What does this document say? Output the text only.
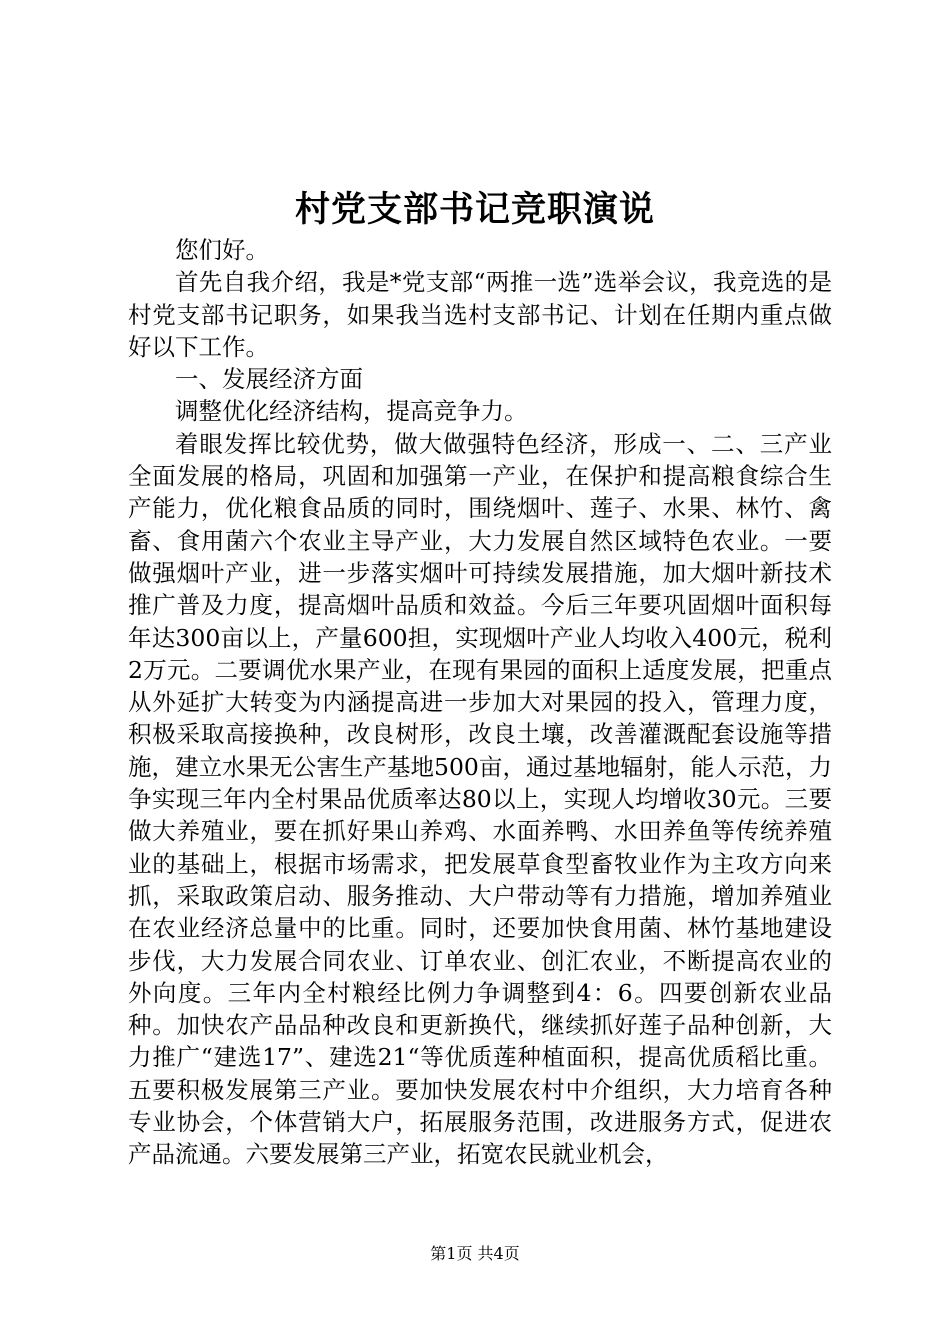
村党支部书记竞职演说

您们好。

首先自我介绍，我是*党支部“两推一选”选举会议，我竞选的是村党支部书记职务，如果我当选村支部书记、计划在任期内重点做好以下工作。

一、发展经济方面

调整优化经济结构，提高竞争力。

着眼发挥比较优势，做大做强特色经济，形成一、二、三产业全面发展的格局，巩固和加强第一产业，在保护和提高粮食综合生产能力，优化粮食品质的同时，围绕烟叶、莲子、水果、林竹、禽畜、食用菌六个农业主导产业，大力发展自然区域特色农业。一要做强烟叶产业，进一步落实烟叶可持续发展措施，加大烟叶新技术推广普及力度，提高烟叶品质和效益。今后三年要巩固烟叶面积每年达300亩以上，产量600担，实现烟叶产业人均收入400元，税利2万元。二要调优水果产业，在现有果园的面积上适度发展，把重点从外延扩大转变为内涵提高进一步加大对果园的投入，管理力度，积极采取高接换种，改良树形，改良土壤，改善灌溉配套设施等措施，建立水果无公害生产基地500亩，通过基地辐射，能人示范，力争实现三年内全村果品优质率达80以上，实现人均增收30元。三要做大养殖业，要在抓好果山养鸡、水面养鸭、水田养鱼等传统养殖业的基础上，根据市场需求，把发展草食型畜牧业作为主攻方向来抓，采取政策启动、服务推动、大户带动等有力措施，增加养殖业在农业经济总量中的比重。同时，还要加快食用菌、林竹基地建设步伐，大力发展合同农业、订单农业、创汇农业，不断提高农业的外向度。三年内全村粮经比例力争调整到4：6。四要创新农业品种。加快农产品品种改良和更新换代，继续抓好莲子品种创新，大力推广“建选17”、建选21“等优质莲种植面积，提高优质稻比重。五要积极发展第三产业。要加快发展农村中介组织，大力培育各种专业协会，个体营销大户，拓展服务范围，改进服务方式，促进农产品流通。六要发展第三产业，拓宽农民就业机会，

第1页 共4页
